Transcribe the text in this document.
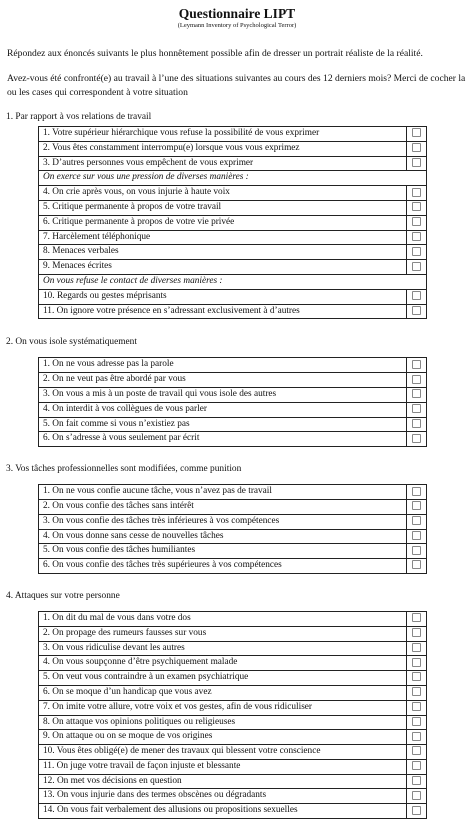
Questionnaire LIPT

(Leymann Inventory of Psychological Terror)

Répondez aux énoncés suivants le plus honnêtement possible afin de dresser un portrait réaliste de la réalité.

Avez-vous été confronté(e) au travail à l’une des situations suivantes au cours des 12 derniers mois? Merci de cocher la ou les cases qui correspondent à votre situation

1. Par rapport à vos relations de travail

1. Votre supérieur hiérarchique vous refuse la possibilité de vous exprimer	
2. Vous êtes constamment interrompu(e) lorsque vous vous exprimez	
3. D’autres personnes vous empêchent de vous exprimer	
On exerce sur vous une pression de diverses manières :	
4. On crie après vous, on vous injurie à haute voix	
5. Critique permanente à propos de votre travail	
6. Critique permanente à propos de votre vie privée	
7. Harcèlement téléphonique	
8. Menaces verbales	
9. Menaces écrites	
On vous refuse le contact de diverses manières :	
10. Regards ou gestes méprisants	
11. On ignore votre présence en s’adressant exclusivement à d’autres	

2. On vous isole systématiquement

1. On ne vous adresse pas la parole	
2. On ne veut pas être abordé par vous	
3. On vous a mis à un poste de travail qui vous isole des autres	
4. On interdit à vos collègues de vous parler	
5. On fait comme si vous n’existiez pas	
6. On s’adresse à vous seulement par écrit	

3. Vos tâches professionnelles sont modifiées, comme punition

1. On ne vous confie aucune tâche, vous n’avez pas de travail	
2. On vous confie des tâches sans intérêt	
3. On vous confie des tâches très inférieures à vos compétences	
4. On vous donne sans cesse de nouvelles tâches	
5. On vous confie des tâches humiliantes	
6. On vous confie des tâches très supérieures à vos compétences	

4. Attaques sur votre personne

1. On dit du mal de vous dans votre dos	
2. On propage des rumeurs fausses sur vous	
3. On vous ridiculise devant les autres	
4. On vous soupçonne d’être psychiquement malade	
5. On veut vous contraindre à un examen psychiatrique	
6. On se moque d’un handicap que vous avez	
7. On imite votre allure, votre voix et vos gestes, afin de vous ridiculiser	
8. On attaque vos opinions politiques ou religieuses	
9. On attaque ou on se moque de vos origines	
10. Vous êtes obligé(e) de mener des travaux qui blessent votre conscience	
11. On juge votre travail de façon injuste et blessante	
12. On met vos décisions en question	
13. On vous injurie dans des termes obscènes ou dégradants	
14. On vous fait verbalement des allusions ou propositions sexuelles	
